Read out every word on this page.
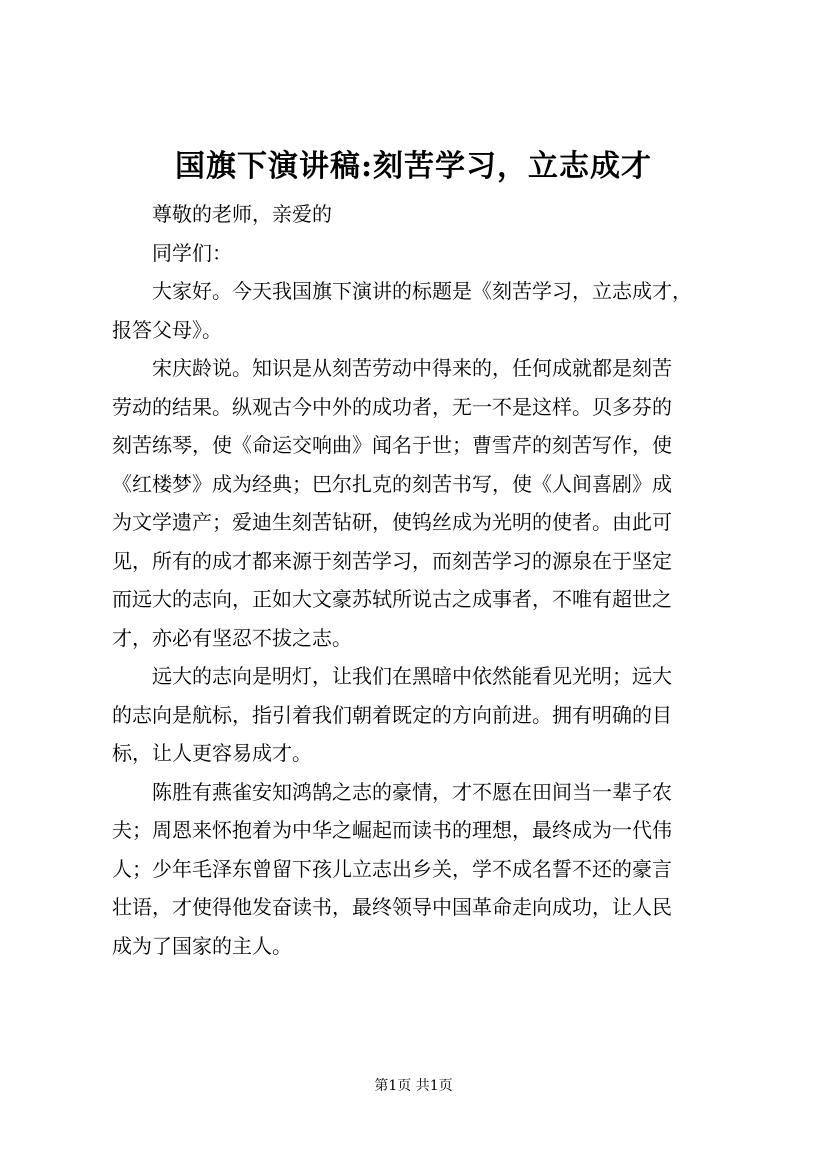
国旗下演讲稿:刻苦学习，立志成才
尊敬的老师，亲爱的
同学们：
大家好。今天我国旗下演讲的标题是《刻苦学习，立志成才，
报答父母》。
宋庆龄说。知识是从刻苦劳动中得来的，任何成就都是刻苦
劳动的结果。纵观古今中外的成功者，无一不是这样。贝多芬的
刻苦练琴，使《命运交响曲》闻名于世；曹雪芹的刻苦写作，使
《红楼梦》成为经典；巴尔扎克的刻苦书写，使《人间喜剧》成
为文学遗产；爱迪生刻苦钻研，使钨丝成为光明的使者。由此可
见，所有的成才都来源于刻苦学习，而刻苦学习的源泉在于坚定
而远大的志向，正如大文豪苏轼所说古之成事者，不唯有超世之
才，亦必有坚忍不拔之志。
远大的志向是明灯，让我们在黑暗中依然能看见光明；远大
的志向是航标，指引着我们朝着既定的方向前进。拥有明确的目
标，让人更容易成才。
陈胜有燕雀安知鸿鹄之志的豪情，才不愿在田间当一辈子农
夫；周恩来怀抱着为中华之崛起而读书的理想，最终成为一代伟
人；少年毛泽东曾留下孩儿立志出乡关，学不成名誓不还的豪言
壮语，才使得他发奋读书，最终领导中国革命走向成功，让人民
成为了国家的主人。
第1页 共1页
